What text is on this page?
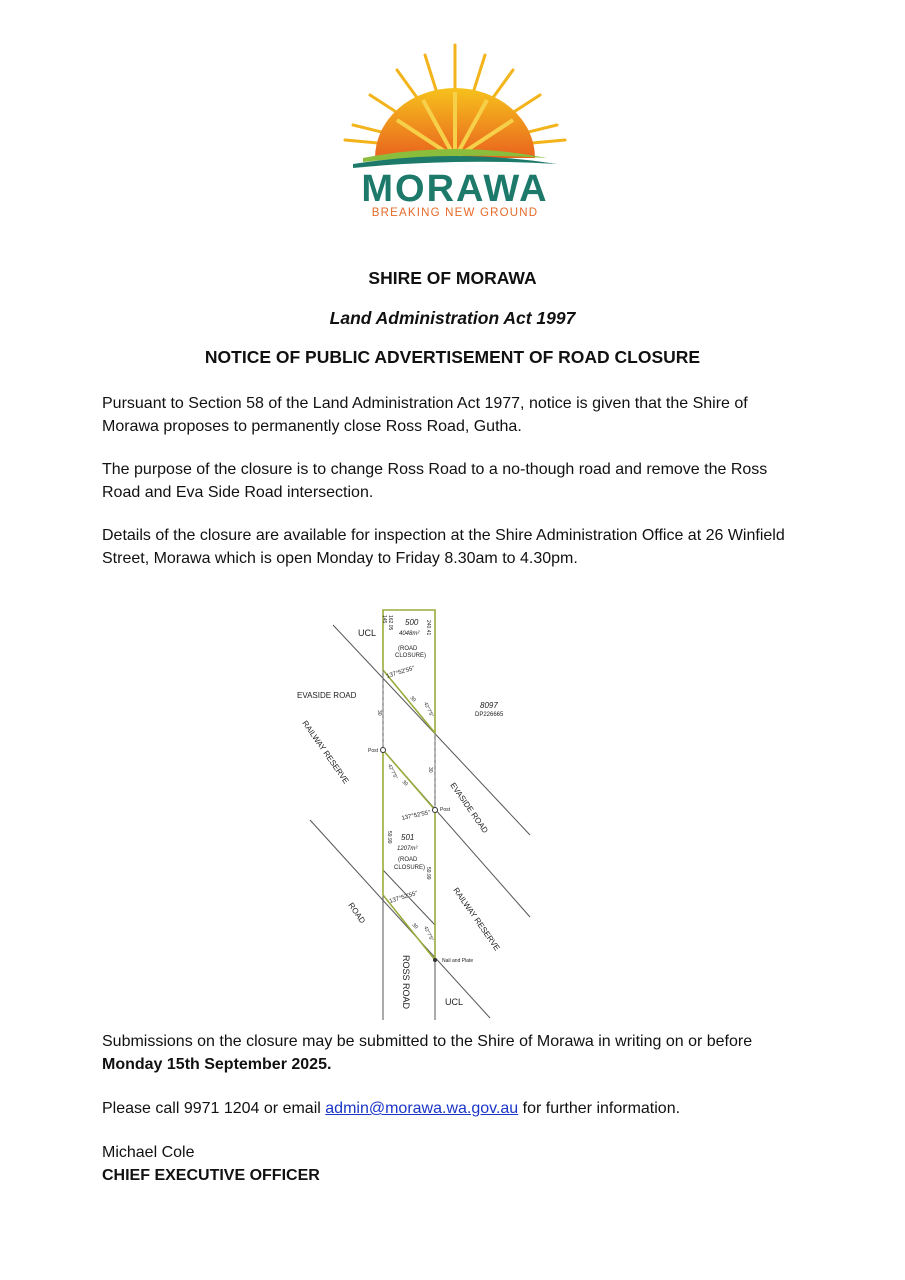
MORAWA
BREAKING NEW GROUND
SHIRE OF MORAWA
Land Administration Act 1997
NOTICE OF PUBLIC ADVERTISEMENT OF ROAD CLOSURE

Pursuant to Section 58 of the Land Administration Act 1977, notice is given that the Shire of Morawa proposes to permanently close Ross Road, Gutha.

The purpose of the closure is to change Ross Road to a no-though road and remove the Ross Road and Eva Side Road intersection.

Details of the closure are available for inspection at the Shire Administration Office at 26 Winfield Street, Morawa which is open Monday to Friday 8.30am to 4.30pm.

UCL
500
4048m²
(ROAD
CLOSURE)
137°52'55"
EVASIDE ROAD
8097
DP226665
RAILWAY RESERVE	Post
Post
EVASIDE ROAD
137°52'55"
501
1207m²
(ROAD
CLOSURE)
137°52'55"
ROAD	RAILWAY RESERVE
Nail and Plate
ROSS ROAD	UCL
162.05
145
240.41
30
30
30
30
30
59.99
59.99
42°7'5"
42°7'5"
42°7'5"

Submissions on the closure may be submitted to the Shire of Morawa in writing on or before
Monday 15th September 2025.

Please call 9971 1204 or email admin@morawa.wa.gov.au for further information.

Michael Cole
CHIEF EXECUTIVE OFFICER
